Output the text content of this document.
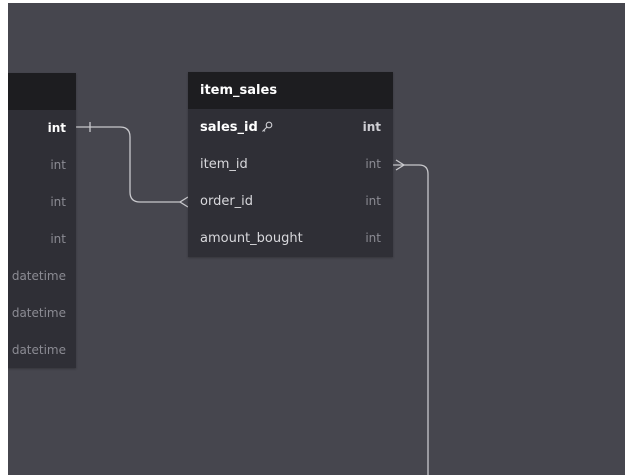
int
int
int
int
datetime
datetime
datetime
item_sales
sales_id	int
item_id	int
order_id	int
amount_bought	int
